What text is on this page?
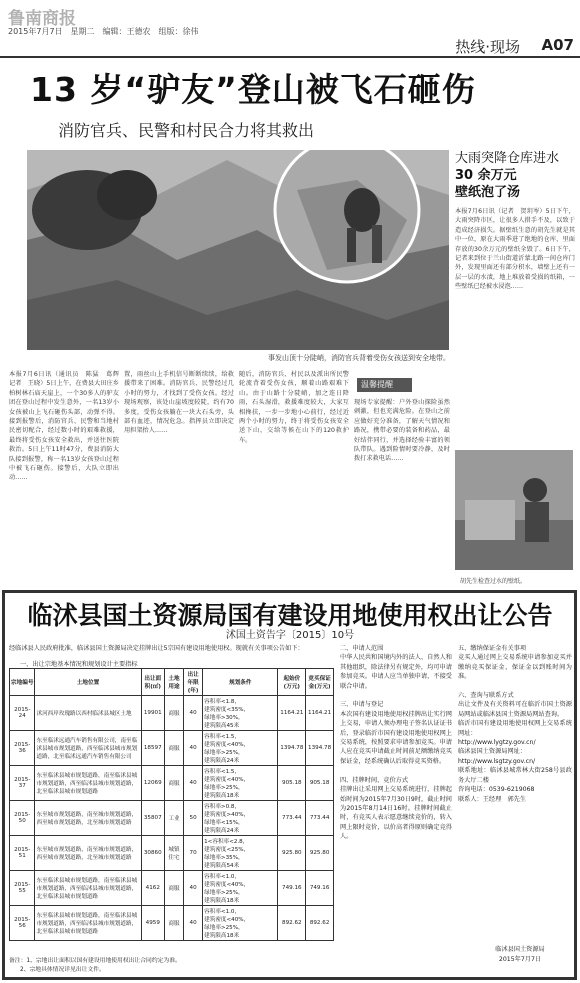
鲁南商报
2015年7月7日　星期二　编辑：王德农　组版：徐伟
热线·现场 A07
13 岁“驴友”登山被飞石砸伤
消防官兵、民警和村民合力将其救出
事发山顶十分陡峭，消防官兵背着受伤女孩送到安全地带。
大雨突降仓库进水
30 余万元
壁纸泡了汤
本报7月6日讯（记者　贺玥岑）5日下午，大雨突降市区，让很多人措手不及，以致于造成经济损失。据壁纸生意的胡先生就是其中一位，原在大雨季进了绝地的仓库，里面存放的30余万元的壁纸全毁了。6日下午，记者来到位于兰山街道沂蒙北路一间仓库门外，发现里面还有部分积水，墙壁上还有一层一层的水渍，地上堆放着受损的纸箱，一些壁纸已经被水浸泡……
胡先生检查过水的壁纸。
本报7月6日讯（通讯员　陈猛　葛辉　记者　王晓）5日上午，在费县大田庄乡柏树林石庙天崖上，一个30多人的驴友团在登山过程中发生意外，一名13岁小女孩被山上飞石砸伤头部，动弹不得。接到报警后，消防官兵、民警和当地村民密切配合，经过数小时的艰难救援，最终将受伤女孩安全救出，并送往医院救治。5日上午11时47分，费县消防大队接到报警，称一名13岁女孩登山过程中被飞石砸伤。接警后，大队立即出动……
置，雨丝山上手机信号断断续续，给救援带来了困难。消防官兵、民警经过几小时的努力，才找到了受伤女孩。经过现场观察，该处山崖坡度较陡，约有70多度，受伤女孩躺在一块大石头旁，头部有血迹，情况危急。指挥员立即决定用担架抬人……
随后，消防官兵、村民以及派出所民警轮流背着受伤女孩，顺着山路艰难下山。由于山路十分陡峭，加之连日降雨，石头湿滑，救援难度较大，大家互相搀扶，一步一步地小心前行，经过近两个小时的努力，终于将受伤女孩安全送下山，交给等候在山下的120救护车。
温馨提醒
现场专家提醒：户外登山探险虽然刺激，但也充满危险。在登山之前应做好充分准备，了解天气情况和路况，携带必要的装备和药品，最好结伴同行，并选择经验丰富的领队带队。遇到险情时要冷静，及时拨打求救电话……
临沭县国土资源局国有建设用地使用权出让公告
沭国土资告字〔2015〕10号
经临沭县人民政府批准，临沭县国土资源局决定挂牌出让5宗国有建设用地使用权。现就有关事项公告如下：
一、出让宗地基本情况和规划设计主要指标
宗地编号	土地位置	出让面积(㎡)	土地用途	出让年限(年)	规划条件	起始价(万元)	竞买保证金(万元)
2015-24	沭河西岸玫瑰路以西村临沭县城区土地	19901	商服	40	容积率<1.8，
建筑密度<35%，
绿地率>30%，
建筑限高45米	1164.21	1164.21
2015-36	东至临沭远通汽车销售有限公司，南至临沭县城市规划道路，西至临沭县城市规划道路，北至临沭远通汽车销售有限公司	18597	商服	40	容积率<1.5，
建筑密度<40%，
绿地率>25%，
建筑限高24米	1394.78	1394.78
2015-37	东至临沭县城市规划道路，南至临沭县城市规划道路，西至临沭县城市规划道路，北至临沭县城市规划道路	12069	商服	40	容积率<1.5，
建筑密度<40%，
绿地率>25%，
建筑限高18米	905.18	905.18
2015-50	东至城市规划道路，南至城市规划道路，西至城市规划道路，北至城市规划道路	35807	工业	50	容积率>0.8，
建筑密度>40%，
绿地率<15%，
建筑限高24米	773.44	773.44
2015-51	东至城市规划道路，南至城市规划道路，西至城市规划道路，北至城市规划道路	30860	城镇住宅	70	1<容积率<2.8，
建筑密度<25%，
绿地率>35%，
建筑限高54米	925.80	925.80
2015-55	东至临沭县城市规划道路，南至临沭县城市规划道路，西至临沭县城市规划道路，北至临沭县城市规划道路	4162	商服	40	容积率<1.0，
建筑密度<40%，
绿地率>25%，
建筑限高18米	749.16	749.16
2015-56	东至临沭县城市规划道路，南至临沭县城市规划道路，西至临沭县城市规划道路，北至临沭县城市规划道路	4959	商服	40	容积率<1.0，
建筑密度<40%，
绿地率>25%，
建筑限高18米	892.62	892.62
备注：1、宗地出让面积以国有建设用地使用权出让合同约定为准。
2、宗地具体情况详见出让文件。
二、申请人范围
中华人民共和国境内外的法人、自然人和其他组织，除法律另有规定外，均可申请参加竞买。申请人应当单独申请，不接受联合申请。

三、申请与登记
本次国有建设用地使用权挂牌出让实行网上交易，申请人须办理电子签名认证证书后，登录临沂市国有建设用地使用权网上交易系统，按照要求申请参加竞买。申请人应在竞买申请截止时间前足额缴纳竞买保证金，经系统确认后取得竞买资格。

四、挂牌时间、竞价方式
挂牌出让采用网上交易系统进行，挂牌起始时间为2015年7月30日9时，截止时间为2015年8月14日16时。挂牌时间截止时，有竞买人表示愿意继续竞价的，转入网上限时竞价，以价高者得原则确定竞得人。
五、缴纳保证金有关事项
竞买人通过网上交易系统申请参加竞买并缴纳竞买保证金，保证金以到账时间为准。

六、查询与联系方式
出让文件及有关资料可在临沂市国土资源局网站或临沭县国土资源局网站查询。
临沂市国有建设用地使用权网上交易系统网址：
http://www.lygtzy.gov.cn/
临沭县国土资源局网址：
http://www.lsgtzy.gov.cn/
联系地址：临沭县城常林大街258号县政务大厅二楼
咨询电话：0539-6219068
联系人：王经理　郭先生
临沭县国土资源局
2015年7月7日
